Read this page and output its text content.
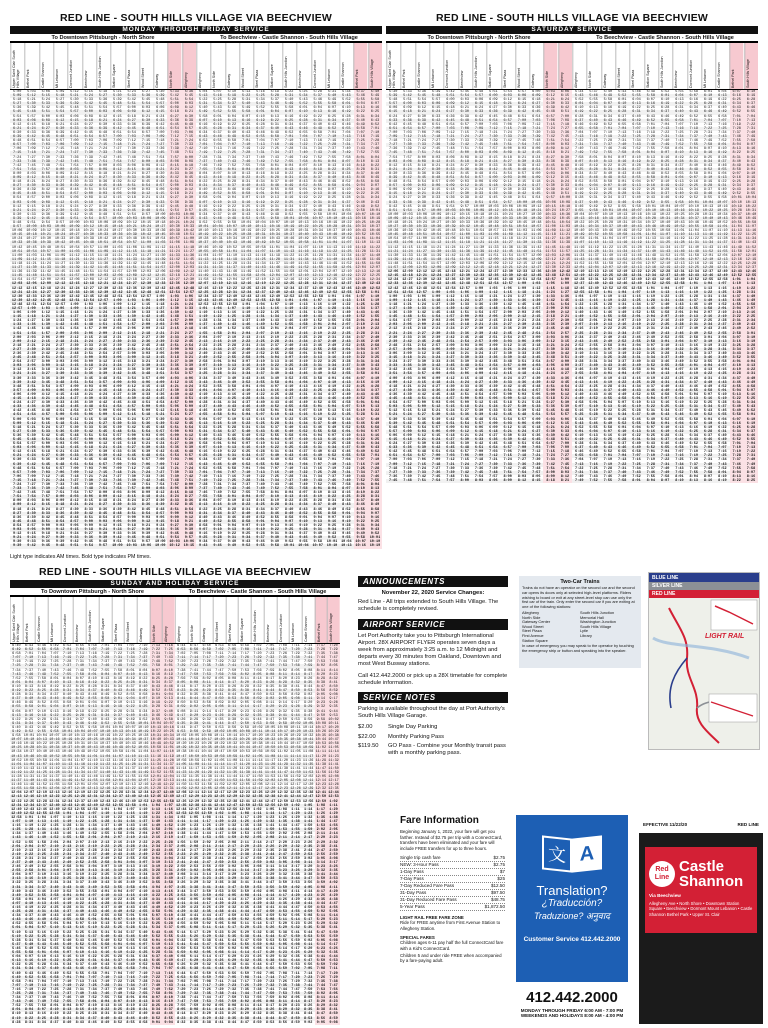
RED LINE - SOUTH HILLS VILLAGE VIA BEECHVIEW
MONDAY THROUGH FRIDAY SERVICE
To Downtown Pittsburgh - North Shore	To Beechview - Castle Shannon - South Hills Village
Upper Saint Clair South Hills Village	Bethel Park	Castle Shannon	Mt Lebanon	Dormont Junction	Beechview	South Hills Junction	Station Square	Steel Plaza	Wood Street	Gateway	North Side	Allegheny	Allegheny	North Side	Gateway	Wood Street	Steel Plaza	Station Square	South Hills Junction	Beechview	Dormont Junction	Mt Lebanon	Castle Shannon	Bethel Park	South Hills Village
5:00	5:03	5:06	5:09	5:12	5:15	5:18	5:21	5:24	5:27	5:30	5:33	5:36	5:04	5:07	5:10	5:13	5:16	5:19	5:22	5:25	5:28	5:31	5:34	5:37	5:40
5:09	5:12	5:15	5:18	5:21	5:24	5:27	5:30	5:33	5:36	5:39	5:42	5:45	5:13	5:16	5:19	5:22	5:25	5:28	5:31	5:34	5:37	5:40	5:43	5:46	5:49
5:18	5:21	5:24	5:27	5:30	5:33	5:36	5:39	5:42	5:45	5:48	5:51	5:54	5:22	5:25	5:28	5:31	5:34	5:37	5:40	5:43	5:46	5:49	5:52	5:55	5:58
5:27	5:30	5:33	5:36	5:39	5:42	5:45	5:48	5:51	5:54	5:57	6:00	6:03	5:31	5:34	5:37	5:40	5:43	5:46	5:49	5:52	5:55	5:58	6:01	6:04	6:07
5:36	5:39	5:42	5:45	5:48	5:51	5:54	5:57	6:00	6:03	6:06	6:09	6:12	5:40	5:43	5:46	5:49	5:52	5:55	5:58	6:01	6:04	6:07	6:10	6:13	6:16
5:45	5:48	5:51	5:54	5:57	6:00	6:03	6:06	6:09	6:12	6:15	6:18	6:21	5:49	5:52	5:55	5:58	6:01	6:04	6:07	6:10	6:13	6:16	6:19	6:22	6:25
5:54	5:57	6:00	6:03	6:06	6:09	6:12	6:15	6:18	6:21	6:24	6:27	6:30	5:58	6:01	6:04	6:07	6:10	6:13	6:16	6:19	6:22	6:25	6:28	6:31	6:34
6:03	6:06	6:09	6:12	6:15	6:18	6:21	6:24	6:27	6:30	6:33	6:36	6:39	6:07	6:10	6:13	6:16	6:19	6:22	6:25	6:28	6:31	6:34	6:37	6:40	6:43
6:12	6:15	6:18	6:21	6:24	6:27	6:30	6:33	6:36	6:39	6:42	6:45	6:48	6:16	6:19	6:22	6:25	6:28	6:31	6:34	6:37	6:40	6:43	6:46	6:49	6:52
6:21	6:24	6:27	6:30	6:33	6:36	6:39	6:42	6:45	6:48	6:51	6:54	6:57	6:25	6:28	6:31	6:34	6:37	6:40	6:43	6:46	6:49	6:52	6:55	6:58	7:01
6:30	6:33	6:36	6:39	6:42	6:45	6:48	6:51	6:54	6:57	7:00	7:03	7:06	6:34	6:37	6:40	6:43	6:46	6:49	6:52	6:55	6:58	7:01	7:04	7:07	7:10
6:39	6:42	6:45	6:48	6:51	6:54	6:57	7:00	7:03	7:06	7:09	7:12	7:15	6:43	6:46	6:49	6:52	6:55	6:58	7:01	7:04	7:07	7:10	7:13	7:16	7:19
6:48	6:51	6:54	6:57	7:00	7:03	7:06	7:09	7:12	7:15	7:18	7:21	7:24	6:52	6:55	6:58	7:01	7:04	7:07	7:10	7:13	7:16	7:19	7:22	7:25	7:28
6:57	7:00	7:03	7:06	7:09	7:12	7:15	7:18	7:21	7:24	7:27	7:30	7:33	7:01	7:04	7:07	7:10	7:13	7:16	7:19	7:22	7:25	7:28	7:31	7:34	7:37
7:06	7:09	7:12	7:15	7:18	7:21	7:24	7:27	7:30	7:33	7:36	7:39	7:42	7:10	7:13	7:16	7:19	7:22	7:25	7:28	7:31	7:34	7:37	7:40	7:43	7:46
7:15	7:18	7:21	7:24	7:27	7:30	7:33	7:36	7:39	7:42	7:45	7:48	7:51	7:19	7:22	7:25	7:28	7:31	7:34	7:37	7:40	7:43	7:46	7:49	7:52	7:55
7:24	7:27	7:30	7:33	7:36	7:39	7:42	7:45	7:48	7:51	7:54	7:57	8:00	7:28	7:31	7:34	7:37	7:40	7:43	7:46	7:49	7:52	7:55	7:58	8:01	8:04
7:33	7:36	7:39	7:42	7:45	7:48	7:51	7:54	7:57	8:00	8:03	8:06	8:09	7:37	7:40	7:43	7:46	7:49	7:52	7:55	7:58	8:01	8:04	8:07	8:10	8:13
7:42	7:45	7:48	7:51	7:54	7:57	8:00	8:03	8:06	8:09	8:12	8:15	8:18	7:46	7:49	7:52	7:55	7:58	8:01	8:04	8:07	8:10	8:13	8:16	8:19	8:22
7:51	7:54	7:57	8:00	8:03	8:06	8:09	8:12	8:15	8:18	8:21	8:24	8:27	7:55	7:58	8:01	8:04	8:07	8:10	8:13	8:16	8:19	8:22	8:25	8:28	8:31
8:00	8:03	8:06	8:09	8:12	8:15	8:18	8:21	8:24	8:27	8:30	8:33	8:36	8:04	8:07	8:10	8:13	8:16	8:19	8:22	8:25	8:28	8:31	8:34	8:37	8:40
8:09	8:12	8:15	8:18	8:21	8:24	8:27	8:30	8:33	8:36	8:39	8:42	8:45	8:13	8:16	8:19	8:22	8:25	8:28	8:31	8:34	8:37	8:40	8:43	8:46	8:49
8:18	8:21	8:24	8:27	8:30	8:33	8:36	8:39	8:42	8:45	8:48	8:51	8:54	8:22	8:25	8:28	8:31	8:34	8:37	8:40	8:43	8:46	8:49	8:52	8:55	8:58
8:27	8:30	8:33	8:36	8:39	8:42	8:45	8:48	8:51	8:54	8:57	9:00	9:03	8:31	8:34	8:37	8:40	8:43	8:46	8:49	8:52	8:55	8:58	9:01	9:04	9:07
8:36	8:39	8:42	8:45	8:48	8:51	8:54	8:57	9:00	9:03	9:06	9:09	9:12	8:40	8:43	8:46	8:49	8:52	8:55	8:58	9:01	9:04	9:07	9:10	9:13	9:16
8:45	8:48	8:51	8:54	8:57	9:00	9:03	9:06	9:09	9:12	9:15	9:18	9:21	8:49	8:52	8:55	8:58	9:01	9:04	9:07	9:10	9:13	9:16	9:19	9:22	9:25
8:54	8:57	9:00	9:03	9:06	9:09	9:12	9:15	9:18	9:21	9:24	9:27	9:30	8:58	9:01	9:04	9:07	9:10	9:13	9:16	9:19	9:22	9:25	9:28	9:31	9:34
9:03	9:06	9:09	9:12	9:15	9:18	9:21	9:24	9:27	9:30	9:33	9:36	9:39	9:07	9:10	9:13	9:16	9:19	9:22	9:25	9:28	9:31	9:34	9:37	9:40	9:43
9:12	9:15	9:18	9:21	9:24	9:27	9:30	9:33	9:36	9:39	9:42	9:45	9:48	9:16	9:19	9:22	9:25	9:28	9:31	9:34	9:37	9:40	9:43	9:46	9:49	9:52
9:21	9:24	9:27	9:30	9:33	9:36	9:39	9:42	9:45	9:48	9:51	9:54	9:57	9:25	9:28	9:31	9:34	9:37	9:40	9:43	9:46	9:49	9:52	9:55	9:58	10:01
9:30	9:33	9:36	9:39	9:42	9:45	9:48	9:51	9:54	9:57	10:00	10:03	10:06	9:34	9:37	9:40	9:43	9:46	9:49	9:52	9:55	9:58	10:01	10:04	10:07	10:10
9:39	9:42	9:45	9:48	9:51	9:54	9:57	10:00	10:03	10:06	10:09	10:12	10:15	9:43	9:46	9:49	9:52	9:55	9:58	10:01	10:04	10:07	10:10	10:13	10:16	10:19
9:48	9:51	9:54	9:57	10:00	10:03	10:06	10:09	10:12	10:15	10:18	10:21	10:24	9:52	9:55	9:58	10:01	10:04	10:07	10:10	10:13	10:16	10:19	10:22	10:25	10:28
9:57	10:00	10:03	10:06	10:09	10:12	10:15	10:18	10:21	10:24	10:27	10:30	10:33	10:01	10:04	10:07	10:10	10:13	10:16	10:19	10:22	10:25	10:28	10:31	10:34	10:37
10:06	10:09	10:12	10:15	10:18	10:21	10:24	10:27	10:30	10:33	10:36	10:39	10:42	10:10	10:13	10:16	10:19	10:22	10:25	10:28	10:31	10:34	10:37	10:40	10:43	10:46
10:15	10:18	10:21	10:24	10:27	10:30	10:33	10:36	10:39	10:42	10:45	10:48	10:51	10:19	10:22	10:25	10:28	10:31	10:34	10:37	10:40	10:43	10:46	10:49	10:52	10:55
10:24	10:27	10:30	10:33	10:36	10:39	10:42	10:45	10:48	10:51	10:54	10:57	11:00	10:28	10:31	10:34	10:37	10:40	10:43	10:46	10:49	10:52	10:55	10:58	11:01	11:04
10:33	10:36	10:39	10:42	10:45	10:48	10:51	10:54	10:57	11:00	11:03	11:06	11:09	10:37	10:40	10:43	10:46	10:49	10:52	10:55	10:58	11:01	11:04	11:07	11:10	11:13
10:42	10:45	10:48	10:51	10:54	10:57	11:00	11:03	11:06	11:09	11:12	11:15	11:18	10:46	10:49	10:52	10:55	10:58	11:01	11:04	11:07	11:10	11:13	11:16	11:19	11:22
10:51	10:54	10:57	11:00	11:03	11:06	11:09	11:12	11:15	11:18	11:21	11:24	11:27	10:55	10:58	11:01	11:04	11:07	11:10	11:13	11:16	11:19	11:22	11:25	11:28	11:31
11:00	11:03	11:06	11:09	11:12	11:15	11:18	11:21	11:24	11:27	11:30	11:33	11:36	11:04	11:07	11:10	11:13	11:16	11:19	11:22	11:25	11:28	11:31	11:34	11:37	11:40
11:09	11:12	11:15	11:18	11:21	11:24	11:27	11:30	11:33	11:36	11:39	11:42	11:45	11:13	11:16	11:19	11:22	11:25	11:28	11:31	11:34	11:37	11:40	11:43	11:46	11:49
11:18	11:21	11:24	11:27	11:30	11:33	11:36	11:39	11:42	11:45	11:48	11:51	11:54	11:22	11:25	11:28	11:31	11:34	11:37	11:40	11:43	11:46	11:49	11:52	11:55	11:58
11:27	11:30	11:33	11:36	11:39	11:42	11:45	11:48	11:51	11:54	11:57	12:00	12:03	11:31	11:34	11:37	11:40	11:43	11:46	11:49	11:52	11:55	11:58	12:01	12:04	12:07
11:36	11:39	11:42	11:45	11:48	11:51	11:54	11:57	12:00	12:03	12:06	12:09	12:12	11:40	11:43	11:46	11:49	11:52	11:55	11:58	12:01	12:04	12:07	12:10	12:13	12:16
11:45	11:48	11:51	11:54	11:57	12:00	12:03	12:06	12:09	12:12	12:15	12:18	12:21	11:49	11:52	11:55	11:58	12:01	12:04	12:07	12:10	12:13	12:16	12:19	12:22	12:25
11:54	11:57	12:00	12:03	12:06	12:09	12:12	12:15	12:18	12:21	12:24	12:27	12:30	11:58	12:01	12:04	12:07	12:10	12:13	12:16	12:19	12:22	12:25	12:28	12:31	12:34
12:03	12:06	12:09	12:12	12:15	12:18	12:21	12:24	12:27	12:30	12:33	12:36	12:39	12:07	12:10	12:13	12:16	12:19	12:22	12:25	12:28	12:31	12:34	12:37	12:40	12:43
12:12	12:15	12:18	12:21	12:24	12:27	12:30	12:33	12:36	12:39	12:42	12:45	12:48	12:16	12:19	12:22	12:25	12:28	12:31	12:34	12:37	12:40	12:43	12:46	12:49	12:52
12:21	12:24	12:27	12:30	12:33	12:36	12:39	12:42	12:45	12:48	12:51	12:54	12:57	12:25	12:28	12:31	12:34	12:37	12:40	12:43	12:46	12:49	12:52	12:55	12:58	1:01
12:30	12:33	12:36	12:39	12:42	12:45	12:48	12:51	12:54	12:57	1:00	1:03	1:06	12:34	12:37	12:40	12:43	12:46	12:49	12:52	12:55	12:58	1:01	1:04	1:07	1:10
12:39	12:42	12:45	12:48	12:51	12:54	12:57	1:00	1:03	1:06	1:09	1:12	1:15	12:43	12:46	12:49	12:52	12:55	12:58	1:01	1:04	1:07	1:10	1:13	1:16	1:19
12:48	12:51	12:54	12:57	1:00	1:03	1:06	1:09	1:12	1:15	1:18	1:21	1:24	12:52	12:55	12:58	1:01	1:04	1:07	1:10	1:13	1:16	1:19	1:22	1:25	1:28
12:57	1:00	1:03	1:06	1:09	1:12	1:15	1:18	1:21	1:24	1:27	1:30	1:33	1:01	1:04	1:07	1:10	1:13	1:16	1:19	1:22	1:25	1:28	1:31	1:34	1:37
1:06	1:09	1:12	1:15	1:18	1:21	1:24	1:27	1:30	1:33	1:36	1:39	1:42	1:10	1:13	1:16	1:19	1:22	1:25	1:28	1:31	1:34	1:37	1:40	1:43	1:46
1:15	1:18	1:21	1:24	1:27	1:30	1:33	1:36	1:39	1:42	1:45	1:48	1:51	1:19	1:22	1:25	1:28	1:31	1:34	1:37	1:40	1:43	1:46	1:49	1:52	1:55
1:24	1:27	1:30	1:33	1:36	1:39	1:42	1:45	1:48	1:51	1:54	1:57	2:00	1:28	1:31	1:34	1:37	1:40	1:43	1:46	1:49	1:52	1:55	1:58	2:01	2:04
1:33	1:36	1:39	1:42	1:45	1:48	1:51	1:54	1:57	2:00	2:03	2:06	2:09	1:37	1:40	1:43	1:46	1:49	1:52	1:55	1:58	2:01	2:04	2:07	2:10	2:13
1:42	1:45	1:48	1:51	1:54	1:57	2:00	2:03	2:06	2:09	2:12	2:15	2:18	1:46	1:49	1:52	1:55	1:58	2:01	2:04	2:07	2:10	2:13	2:16	2:19	2:22
1:51	1:54	1:57	2:00	2:03	2:06	2:09	2:12	2:15	2:18	2:21	2:24	2:27	1:55	1:58	2:01	2:04	2:07	2:10	2:13	2:16	2:19	2:22	2:25	2:28	2:31
2:00	2:03	2:06	2:09	2:12	2:15	2:18	2:21	2:24	2:27	2:30	2:33	2:36	2:04	2:07	2:10	2:13	2:16	2:19	2:22	2:25	2:28	2:31	2:34	2:37	2:40
2:09	2:12	2:15	2:18	2:21	2:24	2:27	2:30	2:33	2:36	2:39	2:42	2:45	2:13	2:16	2:19	2:22	2:25	2:28	2:31	2:34	2:37	2:40	2:43	2:46	2:49
2:18	2:21	2:24	2:27	2:30	2:33	2:36	2:39	2:42	2:45	2:48	2:51	2:54	2:22	2:25	2:28	2:31	2:34	2:37	2:40	2:43	2:46	2:49	2:52	2:55	2:58
2:27	2:30	2:33	2:36	2:39	2:42	2:45	2:48	2:51	2:54	2:57	3:00	3:03	2:31	2:34	2:37	2:40	2:43	2:46	2:49	2:52	2:55	2:58	3:01	3:04	3:07
2:36	2:39	2:42	2:45	2:48	2:51	2:54	2:57	3:00	3:03	3:06	3:09	3:12	2:40	2:43	2:46	2:49	2:52	2:55	2:58	3:01	3:04	3:07	3:10	3:13	3:16
2:45	2:48	2:51	2:54	2:57	3:00	3:03	3:06	3:09	3:12	3:15	3:18	3:21	2:49	2:52	2:55	2:58	3:01	3:04	3:07	3:10	3:13	3:16	3:19	3:22	3:25
2:54	2:57	3:00	3:03	3:06	3:09	3:12	3:15	3:18	3:21	3:24	3:27	3:30	2:58	3:01	3:04	3:07	3:10	3:13	3:16	3:19	3:22	3:25	3:28	3:31	3:34
3:03	3:06	3:09	3:12	3:15	3:18	3:21	3:24	3:27	3:30	3:33	3:36	3:39	3:07	3:10	3:13	3:16	3:19	3:22	3:25	3:28	3:31	3:34	3:37	3:40	3:43
3:12	3:15	3:18	3:21	3:24	3:27	3:30	3:33	3:36	3:39	3:42	3:45	3:48	3:16	3:19	3:22	3:25	3:28	3:31	3:34	3:37	3:40	3:43	3:46	3:49	3:52
3:21	3:24	3:27	3:30	3:33	3:36	3:39	3:42	3:45	3:48	3:51	3:54	3:57	3:25	3:28	3:31	3:34	3:37	3:40	3:43	3:46	3:49	3:52	3:55	3:58	4:01
3:30	3:33	3:36	3:39	3:42	3:45	3:48	3:51	3:54	3:57	4:00	4:03	4:06	3:34	3:37	3:40	3:43	3:46	3:49	3:52	3:55	3:58	4:01	4:04	4:07	4:10
3:39	3:42	3:45	3:48	3:51	3:54	3:57	4:00	4:03	4:06	4:09	4:12	4:15	3:43	3:46	3:49	3:52	3:55	3:58	4:01	4:04	4:07	4:10	4:13	4:16	4:19
3:48	3:51	3:54	3:57	4:00	4:03	4:06	4:09	4:12	4:15	4:18	4:21	4:24	3:52	3:55	3:58	4:01	4:04	4:07	4:10	4:13	4:16	4:19	4:22	4:25	4:28
3:57	4:00	4:03	4:06	4:09	4:12	4:15	4:18	4:21	4:24	4:27	4:30	4:33	4:01	4:04	4:07	4:10	4:13	4:16	4:19	4:22	4:25	4:28	4:31	4:34	4:37
4:06	4:09	4:12	4:15	4:18	4:21	4:24	4:27	4:30	4:33	4:36	4:39	4:42	4:10	4:13	4:16	4:19	4:22	4:25	4:28	4:31	4:34	4:37	4:40	4:43	4:46
4:15	4:18	4:21	4:24	4:27	4:30	4:33	4:36	4:39	4:42	4:45	4:48	4:51	4:19	4:22	4:25	4:28	4:31	4:34	4:37	4:40	4:43	4:46	4:49	4:52	4:55
4:24	4:27	4:30	4:33	4:36	4:39	4:42	4:45	4:48	4:51	4:54	4:57	5:00	4:28	4:31	4:34	4:37	4:40	4:43	4:46	4:49	4:52	4:55	4:58	5:01	5:04
4:33	4:36	4:39	4:42	4:45	4:48	4:51	4:54	4:57	5:00	5:03	5:06	5:09	4:37	4:40	4:43	4:46	4:49	4:52	4:55	4:58	5:01	5:04	5:07	5:10	5:13
4:42	4:45	4:48	4:51	4:54	4:57	5:00	5:03	5:06	5:09	5:12	5:15	5:18	4:46	4:49	4:52	4:55	4:58	5:01	5:04	5:07	5:10	5:13	5:16	5:19	5:22
4:51	4:54	4:57	5:00	5:03	5:06	5:09	5:12	5:15	5:18	5:21	5:24	5:27	4:55	4:58	5:01	5:04	5:07	5:10	5:13	5:16	5:19	5:22	5:25	5:28	5:31
5:00	5:03	5:06	5:09	5:12	5:15	5:18	5:21	5:24	5:27	5:30	5:33	5:36	5:04	5:07	5:10	5:13	5:16	5:19	5:22	5:25	5:28	5:31	5:34	5:37	5:40
5:09	5:12	5:15	5:18	5:21	5:24	5:27	5:30	5:33	5:36	5:39	5:42	5:45	5:13	5:16	5:19	5:22	5:25	5:28	5:31	5:34	5:37	5:40	5:43	5:46	5:49
5:18	5:21	5:24	5:27	5:30	5:33	5:36	5:39	5:42	5:45	5:48	5:51	5:54	5:22	5:25	5:28	5:31	5:34	5:37	5:40	5:43	5:46	5:49	5:52	5:55	5:58
5:27	5:30	5:33	5:36	5:39	5:42	5:45	5:48	5:51	5:54	5:57	6:00	6:03	5:31	5:34	5:37	5:40	5:43	5:46	5:49	5:52	5:55	5:58	6:01	6:04	6:07
5:36	5:39	5:42	5:45	5:48	5:51	5:54	5:57	6:00	6:03	6:06	6:09	6:12	5:40	5:43	5:46	5:49	5:52	5:55	5:58	6:01	6:04	6:07	6:10	6:13	6:16
5:45	5:48	5:51	5:54	5:57	6:00	6:03	6:06	6:09	6:12	6:15	6:18	6:21	5:49	5:52	5:55	5:58	6:01	6:04	6:07	6:10	6:13	6:16	6:19	6:22	6:25
5:54	5:57	6:00	6:03	6:06	6:09	6:12	6:15	6:18	6:21	6:24	6:27	6:30	5:58	6:01	6:04	6:07	6:10	6:13	6:16	6:19	6:22	6:25	6:28	6:31	6:34
6:03	6:06	6:09	6:12	6:15	6:18	6:21	6:24	6:27	6:30	6:33	6:36	6:39	6:07	6:10	6:13	6:16	6:19	6:22	6:25	6:28	6:31	6:34	6:37	6:40	6:43
6:12	6:15	6:18	6:21	6:24	6:27	6:30	6:33	6:36	6:39	6:42	6:45	6:48	6:16	6:19	6:22	6:25	6:28	6:31	6:34	6:37	6:40	6:43	6:46	6:49	6:52
6:21	6:24	6:27	6:30	6:33	6:36	6:39	6:42	6:45	6:48	6:51	6:54	6:57	6:25	6:28	6:31	6:34	6:37	6:40	6:43	6:46	6:49	6:52	6:55	6:58	7:01
6:30	6:33	6:36	6:39	6:42	6:45	6:48	6:51	6:54	6:57	7:00	7:03	7:06	6:34	6:37	6:40	6:43	6:46	6:49	6:52	6:55	6:58	7:01	7:04	7:07	7:10
6:39	6:42	6:45	6:48	6:51	6:54	6:57	7:00	7:03	7:06	7:09	7:12	7:15	6:43	6:46	6:49	6:52	6:55	6:58	7:01	7:04	7:07	7:10	7:13	7:16	7:19
6:48	6:51	6:54	6:57	7:00	7:03	7:06	7:09	7:12	7:15	7:18	7:21	7:24	6:52	6:55	6:58	7:01	7:04	7:07	7:10	7:13	7:16	7:19	7:22	7:25	7:28
6:57	7:00	7:03	7:06	7:09	7:12	7:15	7:18	7:21	7:24	7:27	7:30	7:33	7:01	7:04	7:07	7:10	7:13	7:16	7:19	7:22	7:25	7:28	7:31	7:34	7:37
7:06	7:09	7:12	7:15	7:18	7:21	7:24	7:27	7:30	7:33	7:36	7:39	7:42	7:10	7:13	7:16	7:19	7:22	7:25	7:28	7:31	7:34	7:37	7:40	7:43	7:46
7:15	7:18	7:21	7:24	7:27	7:30	7:33	7:36	7:39	7:42	7:45	7:48	7:51	7:19	7:22	7:25	7:28	7:31	7:34	7:37	7:40	7:43	7:46	7:49	7:52	7:55
7:24	7:27	7:30	7:33	7:36	7:39	7:42	7:45	7:48	7:51	7:54	7:57	8:00	7:28	7:31	7:34	7:37	7:40	7:43	7:46	7:49	7:52	7:55	7:58	8:01	8:04
7:33	7:36	7:39	7:42	7:45	7:48	7:51	7:54	7:57	8:00	8:03	8:06	8:09	7:37	7:40	7:43	7:46	7:49	7:52	7:55	7:58	8:01	8:04	8:07	8:10	8:13
7:42	7:45	7:48	7:51	7:54	7:57	8:00	8:03	8:06	8:09	8:12	8:15	8:18	7:46	7:49	7:52	7:55	7:58	8:01	8:04	8:07	8:10	8:13	8:16	8:19	8:22
7:51	7:54	7:57	8:00	8:03	8:06	8:09	8:12	8:15	8:18	8:21	8:24	8:27	7:55	7:58	8:01	8:04	8:07	8:10	8:13	8:16	8:19	8:22	8:25	8:28	8:31
8:00	8:03	8:06	8:09	8:12	8:15	8:18	8:21	8:24	8:27	8:30	8:33	8:36	8:04	8:07	8:10	8:13	8:16	8:19	8:22	8:25	8:28	8:31	8:34	8:37	8:40
8:09	8:12	8:15	8:18	8:21	8:24	8:27	8:30	8:33	8:36	8:39	8:42	8:45	8:13	8:16	8:19	8:22	8:25	8:28	8:31	8:34	8:37	8:40	8:43	8:46	8:49
8:18	8:21	8:24	8:27	8:30	8:33	8:36	8:39	8:42	8:45	8:48	8:51	8:54	8:22	8:25	8:28	8:31	8:34	8:37	8:40	8:43	8:46	8:49	8:52	8:55	8:58
8:27	8:30	8:33	8:36	8:39	8:42	8:45	8:48	8:51	8:54	8:57	9:00	9:03	8:31	8:34	8:37	8:40	8:43	8:46	8:49	8:52	8:55	8:58	9:01	9:04	9:07
8:36	8:39	8:42	8:45	8:48	8:51	8:54	8:57	9:00	9:03	9:06	9:09	9:12	8:40	8:43	8:46	8:49	8:52	8:55	8:58	9:01	9:04	9:07	9:10	9:13	9:16
8:45	8:48	8:51	8:54	8:57	9:00	9:03	9:06	9:09	9:12	9:15	9:18	9:21	8:49	8:52	8:55	8:58	9:01	9:04	9:07	9:10	9:13	9:16	9:19	9:22	9:25
8:54	8:57	9:00	9:03	9:06	9:09	9:12	9:15	9:18	9:21	9:24	9:27	9:30	8:58	9:01	9:04	9:07	9:10	9:13	9:16	9:19	9:22	9:25	9:28	9:31	9:34
9:03	9:06	9:09	9:12	9:15	9:18	9:21	9:24	9:27	9:30	9:33	9:36	9:39	9:07	9:10	9:13	9:16	9:19	9:22	9:25	9:28	9:31	9:34	9:37	9:40	9:43
9:12	9:15	9:18	9:21	9:24	9:27	9:30	9:33	9:36	9:39	9:42	9:45	9:48	9:16	9:19	9:22	9:25	9:28	9:31	9:34	9:37	9:40	9:43	9:46	9:49	9:52
9:21	9:24	9:27	9:30	9:33	9:36	9:39	9:42	9:45	9:48	9:51	9:54	9:57	9:25	9:28	9:31	9:34	9:37	9:40	9:43	9:46	9:49	9:52	9:55	9:58	10:01
9:30	9:33	9:36	9:39	9:42	9:45	9:48	9:51	9:54	9:57	10:00	10:03	10:06	9:34	9:37	9:40	9:43	9:46	9:49	9:52	9:55	9:58	10:01	10:04	10:07	10:10
9:39	9:42	9:45	9:48	9:51	9:54	9:57	10:00	10:03	10:06	10:09	10:12	10:15	9:43	9:46	9:49	9:52	9:55	9:58	10:01	10:04	10:07	10:10	10:13	10:16	10:19
Light type indicates AM times. Bold type indicates PM times.
RED LINE - SOUTH HILLS VILLAGE VIA BEECHVIEW
SATURDAY SERVICE
To Downtown Pittsburgh - North Shore	To Beechview - Castle Shannon - South Hills Village
Upper Saint Clair South Hills Village	Bethel Park	Castle Shannon	Mt Lebanon	Dormont Junction	Beechview	South Hills Junction	Station Square	Steel Plaza	Wood Street	Gateway	North Side	Allegheny	Allegheny	North Side	Gateway	Wood Street	Steel Plaza	Station Square	South Hills Junction	Beechview	Dormont Junction	Mt Lebanon	Castle Shannon	Bethel Park	South Hills Village
5:30	5:33	5:36	5:39	5:42	5:45	5:48	5:51	5:54	5:57	6:00	6:03	6:06	5:34	5:37	5:40	5:43	5:46	5:49	5:52	5:55	5:58	6:01	6:04	6:07	6:10
5:39	5:42	5:45	5:48	5:51	5:54	5:57	6:00	6:03	6:06	6:09	6:12	6:15	5:43	5:46	5:49	5:52	5:55	5:58	6:01	6:04	6:07	6:10	6:13	6:16	6:19
5:48	5:51	5:54	5:57	6:00	6:03	6:06	6:09	6:12	6:15	6:18	6:21	6:24	5:52	5:55	5:58	6:01	6:04	6:07	6:10	6:13	6:16	6:19	6:22	6:25	6:28
5:57	6:00	6:03	6:06	6:09	6:12	6:15	6:18	6:21	6:24	6:27	6:30	6:33	6:01	6:04	6:07	6:10	6:13	6:16	6:19	6:22	6:25	6:28	6:31	6:34	6:37
6:06	6:09	6:12	6:15	6:18	6:21	6:24	6:27	6:30	6:33	6:36	6:39	6:42	6:10	6:13	6:16	6:19	6:22	6:25	6:28	6:31	6:34	6:37	6:40	6:43	6:46
6:15	6:18	6:21	6:24	6:27	6:30	6:33	6:36	6:39	6:42	6:45	6:48	6:51	6:19	6:22	6:25	6:28	6:31	6:34	6:37	6:40	6:43	6:46	6:49	6:52	6:55
6:24	6:27	6:30	6:33	6:36	6:39	6:42	6:45	6:48	6:51	6:54	6:57	7:00	6:28	6:31	6:34	6:37	6:40	6:43	6:46	6:49	6:52	6:55	6:58	7:01	7:04
6:33	6:36	6:39	6:42	6:45	6:48	6:51	6:54	6:57	7:00	7:03	7:06	7:09	6:37	6:40	6:43	6:46	6:49	6:52	6:55	6:58	7:01	7:04	7:07	7:10	7:13
6:42	6:45	6:48	6:51	6:54	6:57	7:00	7:03	7:06	7:09	7:12	7:15	7:18	6:46	6:49	6:52	6:55	6:58	7:01	7:04	7:07	7:10	7:13	7:16	7:19	7:22
6:51	6:54	6:57	7:00	7:03	7:06	7:09	7:12	7:15	7:18	7:21	7:24	7:27	6:55	6:58	7:01	7:04	7:07	7:10	7:13	7:16	7:19	7:22	7:25	7:28	7:31
7:00	7:03	7:06	7:09	7:12	7:15	7:18	7:21	7:24	7:27	7:30	7:33	7:36	7:04	7:07	7:10	7:13	7:16	7:19	7:22	7:25	7:28	7:31	7:34	7:37	7:40
7:09	7:12	7:15	7:18	7:21	7:24	7:27	7:30	7:33	7:36	7:39	7:42	7:45	7:13	7:16	7:19	7:22	7:25	7:28	7:31	7:34	7:37	7:40	7:43	7:46	7:49
7:18	7:21	7:24	7:27	7:30	7:33	7:36	7:39	7:42	7:45	7:48	7:51	7:54	7:22	7:25	7:28	7:31	7:34	7:37	7:40	7:43	7:46	7:49	7:52	7:55	7:58
7:27	7:30	7:33	7:36	7:39	7:42	7:45	7:48	7:51	7:54	7:57	8:00	8:03	7:31	7:34	7:37	7:40	7:43	7:46	7:49	7:52	7:55	7:58	8:01	8:04	8:07
7:36	7:39	7:42	7:45	7:48	7:51	7:54	7:57	8:00	8:03	8:06	8:09	8:12	7:40	7:43	7:46	7:49	7:52	7:55	7:58	8:01	8:04	8:07	8:10	8:13	8:16
7:45	7:48	7:51	7:54	7:57	8:00	8:03	8:06	8:09	8:12	8:15	8:18	8:21	7:49	7:52	7:55	7:58	8:01	8:04	8:07	8:10	8:13	8:16	8:19	8:22	8:25
7:54	7:57	8:00	8:03	8:06	8:09	8:12	8:15	8:18	8:21	8:24	8:27	8:30	7:58	8:01	8:04	8:07	8:10	8:13	8:16	8:19	8:22	8:25	8:28	8:31	8:34
8:03	8:06	8:09	8:12	8:15	8:18	8:21	8:24	8:27	8:30	8:33	8:36	8:39	8:07	8:10	8:13	8:16	8:19	8:22	8:25	8:28	8:31	8:34	8:37	8:40	8:43
8:12	8:15	8:18	8:21	8:24	8:27	8:30	8:33	8:36	8:39	8:42	8:45	8:48	8:16	8:19	8:22	8:25	8:28	8:31	8:34	8:37	8:40	8:43	8:46	8:49	8:52
8:21	8:24	8:27	8:30	8:33	8:36	8:39	8:42	8:45	8:48	8:51	8:54	8:57	8:25	8:28	8:31	8:34	8:37	8:40	8:43	8:46	8:49	8:52	8:55	8:58	9:01
8:30	8:33	8:36	8:39	8:42	8:45	8:48	8:51	8:54	8:57	9:00	9:03	9:06	8:34	8:37	8:40	8:43	8:46	8:49	8:52	8:55	8:58	9:01	9:04	9:07	9:10
8:39	8:42	8:45	8:48	8:51	8:54	8:57	9:00	9:03	9:06	9:09	9:12	9:15	8:43	8:46	8:49	8:52	8:55	8:58	9:01	9:04	9:07	9:10	9:13	9:16	9:19
8:48	8:51	8:54	8:57	9:00	9:03	9:06	9:09	9:12	9:15	9:18	9:21	9:24	8:52	8:55	8:58	9:01	9:04	9:07	9:10	9:13	9:16	9:19	9:22	9:25	9:28
8:57	9:00	9:03	9:06	9:09	9:12	9:15	9:18	9:21	9:24	9:27	9:30	9:33	9:01	9:04	9:07	9:10	9:13	9:16	9:19	9:22	9:25	9:28	9:31	9:34	9:37
9:06	9:09	9:12	9:15	9:18	9:21	9:24	9:27	9:30	9:33	9:36	9:39	9:42	9:10	9:13	9:16	9:19	9:22	9:25	9:28	9:31	9:34	9:37	9:40	9:43	9:46
9:15	9:18	9:21	9:24	9:27	9:30	9:33	9:36	9:39	9:42	9:45	9:48	9:51	9:19	9:22	9:25	9:28	9:31	9:34	9:37	9:40	9:43	9:46	9:49	9:52	9:55
9:24	9:27	9:30	9:33	9:36	9:39	9:42	9:45	9:48	9:51	9:54	9:57	10:00	9:28	9:31	9:34	9:37	9:40	9:43	9:46	9:49	9:52	9:55	9:58	10:01	10:04
9:33	9:36	9:39	9:42	9:45	9:48	9:51	9:54	9:57	10:00	10:03	10:06	10:09	9:37	9:40	9:43	9:46	9:49	9:52	9:55	9:58	10:01	10:04	10:07	10:10	10:13
9:42	9:45	9:48	9:51	9:54	9:57	10:00	10:03	10:06	10:09	10:12	10:15	10:18	9:46	9:49	9:52	9:55	9:58	10:01	10:04	10:07	10:10	10:13	10:16	10:19	10:22
9:51	9:54	9:57	10:00	10:03	10:06	10:09	10:12	10:15	10:18	10:21	10:24	10:27	9:55	9:58	10:01	10:04	10:07	10:10	10:13	10:16	10:19	10:22	10:25	10:28	10:31
10:00	10:03	10:06	10:09	10:12	10:15	10:18	10:21	10:24	10:27	10:30	10:33	10:36	10:04	10:07	10:10	10:13	10:16	10:19	10:22	10:25	10:28	10:31	10:34	10:37	10:40
10:09	10:12	10:15	10:18	10:21	10:24	10:27	10:30	10:33	10:36	10:39	10:42	10:45	10:13	10:16	10:19	10:22	10:25	10:28	10:31	10:34	10:37	10:40	10:43	10:46	10:49
10:18	10:21	10:24	10:27	10:30	10:33	10:36	10:39	10:42	10:45	10:48	10:51	10:54	10:22	10:25	10:28	10:31	10:34	10:37	10:40	10:43	10:46	10:49	10:52	10:55	10:58
10:27	10:30	10:33	10:36	10:39	10:42	10:45	10:48	10:51	10:54	10:57	11:00	11:03	10:31	10:34	10:37	10:40	10:43	10:46	10:49	10:52	10:55	10:58	11:01	11:04	11:07
10:36	10:39	10:42	10:45	10:48	10:51	10:54	10:57	11:00	11:03	11:06	11:09	11:12	10:40	10:43	10:46	10:49	10:52	10:55	10:58	11:01	11:04	11:07	11:10	11:13	11:16
10:45	10:48	10:51	10:54	10:57	11:00	11:03	11:06	11:09	11:12	11:15	11:18	11:21	10:49	10:52	10:55	10:58	11:01	11:04	11:07	11:10	11:13	11:16	11:19	11:22	11:25
10:54	10:57	11:00	11:03	11:06	11:09	11:12	11:15	11:18	11:21	11:24	11:27	11:30	10:58	11:01	11:04	11:07	11:10	11:13	11:16	11:19	11:22	11:25	11:28	11:31	11:34
11:03	11:06	11:09	11:12	11:15	11:18	11:21	11:24	11:27	11:30	11:33	11:36	11:39	11:07	11:10	11:13	11:16	11:19	11:22	11:25	11:28	11:31	11:34	11:37	11:40	11:43
11:12	11:15	11:18	11:21	11:24	11:27	11:30	11:33	11:36	11:39	11:42	11:45	11:48	11:16	11:19	11:22	11:25	11:28	11:31	11:34	11:37	11:40	11:43	11:46	11:49	11:52
11:21	11:24	11:27	11:30	11:33	11:36	11:39	11:42	11:45	11:48	11:51	11:54	11:57	11:25	11:28	11:31	11:34	11:37	11:40	11:43	11:46	11:49	11:52	11:55	11:58	12:01
11:30	11:33	11:36	11:39	11:42	11:45	11:48	11:51	11:54	11:57	12:00	12:03	12:06	11:34	11:37	11:40	11:43	11:46	11:49	11:52	11:55	11:58	12:01	12:04	12:07	12:10
11:39	11:42	11:45	11:48	11:51	11:54	11:57	12:00	12:03	12:06	12:09	12:12	12:15	11:43	11:46	11:49	11:52	11:55	11:58	12:01	12:04	12:07	12:10	12:13	12:16	12:19
11:48	11:51	11:54	11:57	12:00	12:03	12:06	12:09	12:12	12:15	12:18	12:21	12:24	11:52	11:55	11:58	12:01	12:04	12:07	12:10	12:13	12:16	12:19	12:22	12:25	12:28
11:57	12:00	12:03	12:06	12:09	12:12	12:15	12:18	12:21	12:24	12:27	12:30	12:33	12:01	12:04	12:07	12:10	12:13	12:16	12:19	12:22	12:25	12:28	12:31	12:34	12:37
12:06	12:09	12:12	12:15	12:18	12:21	12:24	12:27	12:30	12:33	12:36	12:39	12:42	12:10	12:13	12:16	12:19	12:22	12:25	12:28	12:31	12:34	12:37	12:40	12:43	12:46
12:15	12:18	12:21	12:24	12:27	12:30	12:33	12:36	12:39	12:42	12:45	12:48	12:51	12:19	12:22	12:25	12:28	12:31	12:34	12:37	12:40	12:43	12:46	12:49	12:52	12:55
12:24	12:27	12:30	12:33	12:36	12:39	12:42	12:45	12:48	12:51	12:54	12:57	1:00	12:28	12:31	12:34	12:37	12:40	12:43	12:46	12:49	12:52	12:55	12:58	1:01	1:04
12:33	12:36	12:39	12:42	12:45	12:48	12:51	12:54	12:57	1:00	1:03	1:06	1:09	12:37	12:40	12:43	12:46	12:49	12:52	12:55	12:58	1:01	1:04	1:07	1:10	1:13
12:42	12:45	12:48	12:51	12:54	12:57	1:00	1:03	1:06	1:09	1:12	1:15	1:18	12:46	12:49	12:52	12:55	12:58	1:01	1:04	1:07	1:10	1:13	1:16	1:19	1:22
12:51	12:54	12:57	1:00	1:03	1:06	1:09	1:12	1:15	1:18	1:21	1:24	1:27	12:55	12:58	1:01	1:04	1:07	1:10	1:13	1:16	1:19	1:22	1:25	1:28	1:31
1:00	1:03	1:06	1:09	1:12	1:15	1:18	1:21	1:24	1:27	1:30	1:33	1:36	1:04	1:07	1:10	1:13	1:16	1:19	1:22	1:25	1:28	1:31	1:34	1:37	1:40
1:09	1:12	1:15	1:18	1:21	1:24	1:27	1:30	1:33	1:36	1:39	1:42	1:45	1:13	1:16	1:19	1:22	1:25	1:28	1:31	1:34	1:37	1:40	1:43	1:46	1:49
1:18	1:21	1:24	1:27	1:30	1:33	1:36	1:39	1:42	1:45	1:48	1:51	1:54	1:22	1:25	1:28	1:31	1:34	1:37	1:40	1:43	1:46	1:49	1:52	1:55	1:58
1:27	1:30	1:33	1:36	1:39	1:42	1:45	1:48	1:51	1:54	1:57	2:00	2:03	1:31	1:34	1:37	1:40	1:43	1:46	1:49	1:52	1:55	1:58	2:01	2:04	2:07
1:36	1:39	1:42	1:45	1:48	1:51	1:54	1:57	2:00	2:03	2:06	2:09	2:12	1:40	1:43	1:46	1:49	1:52	1:55	1:58	2:01	2:04	2:07	2:10	2:13	2:16
1:45	1:48	1:51	1:54	1:57	2:00	2:03	2:06	2:09	2:12	2:15	2:18	2:21	1:49	1:52	1:55	1:58	2:01	2:04	2:07	2:10	2:13	2:16	2:19	2:22	2:25
1:54	1:57	2:00	2:03	2:06	2:09	2:12	2:15	2:18	2:21	2:24	2:27	2:30	1:58	2:01	2:04	2:07	2:10	2:13	2:16	2:19	2:22	2:25	2:28	2:31	2:34
2:03	2:06	2:09	2:12	2:15	2:18	2:21	2:24	2:27	2:30	2:33	2:36	2:39	2:07	2:10	2:13	2:16	2:19	2:22	2:25	2:28	2:31	2:34	2:37	2:40	2:43
2:12	2:15	2:18	2:21	2:24	2:27	2:30	2:33	2:36	2:39	2:42	2:45	2:48	2:16	2:19	2:22	2:25	2:28	2:31	2:34	2:37	2:40	2:43	2:46	2:49	2:52
2:21	2:24	2:27	2:30	2:33	2:36	2:39	2:42	2:45	2:48	2:51	2:54	2:57	2:25	2:28	2:31	2:34	2:37	2:40	2:43	2:46	2:49	2:52	2:55	2:58	3:01
2:30	2:33	2:36	2:39	2:42	2:45	2:48	2:51	2:54	2:57	3:00	3:03	3:06	2:34	2:37	2:40	2:43	2:46	2:49	2:52	2:55	2:58	3:01	3:04	3:07	3:10
2:39	2:42	2:45	2:48	2:51	2:54	2:57	3:00	3:03	3:06	3:09	3:12	3:15	2:43	2:46	2:49	2:52	2:55	2:58	3:01	3:04	3:07	3:10	3:13	3:16	3:19
2:48	2:51	2:54	2:57	3:00	3:03	3:06	3:09	3:12	3:15	3:18	3:21	3:24	2:52	2:55	2:58	3:01	3:04	3:07	3:10	3:13	3:16	3:19	3:22	3:25	3:28
2:57	3:00	3:03	3:06	3:09	3:12	3:15	3:18	3:21	3:24	3:27	3:30	3:33	3:01	3:04	3:07	3:10	3:13	3:16	3:19	3:22	3:25	3:28	3:31	3:34	3:37
3:06	3:09	3:12	3:15	3:18	3:21	3:24	3:27	3:30	3:33	3:36	3:39	3:42	3:10	3:13	3:16	3:19	3:22	3:25	3:28	3:31	3:34	3:37	3:40	3:43	3:46
3:15	3:18	3:21	3:24	3:27	3:30	3:33	3:36	3:39	3:42	3:45	3:48	3:51	3:19	3:22	3:25	3:28	3:31	3:34	3:37	3:40	3:43	3:46	3:49	3:52	3:55
3:24	3:27	3:30	3:33	3:36	3:39	3:42	3:45	3:48	3:51	3:54	3:57	4:00	3:28	3:31	3:34	3:37	3:40	3:43	3:46	3:49	3:52	3:55	3:58	4:01	4:04
3:33	3:36	3:39	3:42	3:45	3:48	3:51	3:54	3:57	4:00	4:03	4:06	4:09	3:37	3:40	3:43	3:46	3:49	3:52	3:55	3:58	4:01	4:04	4:07	4:10	4:13
3:42	3:45	3:48	3:51	3:54	3:57	4:00	4:03	4:06	4:09	4:12	4:15	4:18	3:46	3:49	3:52	3:55	3:58	4:01	4:04	4:07	4:10	4:13	4:16	4:19	4:22
3:51	3:54	3:57	4:00	4:03	4:06	4:09	4:12	4:15	4:18	4:21	4:24	4:27	3:55	3:58	4:01	4:04	4:07	4:10	4:13	4:16	4:19	4:22	4:25	4:28	4:31
4:00	4:03	4:06	4:09	4:12	4:15	4:18	4:21	4:24	4:27	4:30	4:33	4:36	4:04	4:07	4:10	4:13	4:16	4:19	4:22	4:25	4:28	4:31	4:34	4:37	4:40
4:09	4:12	4:15	4:18	4:21	4:24	4:27	4:30	4:33	4:36	4:39	4:42	4:45	4:13	4:16	4:19	4:22	4:25	4:28	4:31	4:34	4:37	4:40	4:43	4:46	4:49
4:18	4:21	4:24	4:27	4:30	4:33	4:36	4:39	4:42	4:45	4:48	4:51	4:54	4:22	4:25	4:28	4:31	4:34	4:37	4:40	4:43	4:46	4:49	4:52	4:55	4:58
4:27	4:30	4:33	4:36	4:39	4:42	4:45	4:48	4:51	4:54	4:57	5:00	5:03	4:31	4:34	4:37	4:40	4:43	4:46	4:49	4:52	4:55	4:58	5:01	5:04	5:07
4:36	4:39	4:42	4:45	4:48	4:51	4:54	4:57	5:00	5:03	5:06	5:09	5:12	4:40	4:43	4:46	4:49	4:52	4:55	4:58	5:01	5:04	5:07	5:10	5:13	5:16
4:45	4:48	4:51	4:54	4:57	5:00	5:03	5:06	5:09	5:12	5:15	5:18	5:21	4:49	4:52	4:55	4:58	5:01	5:04	5:07	5:10	5:13	5:16	5:19	5:22	5:25
4:54	4:57	5:00	5:03	5:06	5:09	5:12	5:15	5:18	5:21	5:24	5:27	5:30	4:58	5:01	5:04	5:07	5:10	5:13	5:16	5:19	5:22	5:25	5:28	5:31	5:34
5:03	5:06	5:09	5:12	5:15	5:18	5:21	5:24	5:27	5:30	5:33	5:36	5:39	5:07	5:10	5:13	5:16	5:19	5:22	5:25	5:28	5:31	5:34	5:37	5:40	5:43
5:12	5:15	5:18	5:21	5:24	5:27	5:30	5:33	5:36	5:39	5:42	5:45	5:48	5:16	5:19	5:22	5:25	5:28	5:31	5:34	5:37	5:40	5:43	5:46	5:49	5:52
5:21	5:24	5:27	5:30	5:33	5:36	5:39	5:42	5:45	5:48	5:51	5:54	5:57	5:25	5:28	5:31	5:34	5:37	5:40	5:43	5:46	5:49	5:52	5:55	5:58	6:01
5:30	5:33	5:36	5:39	5:42	5:45	5:48	5:51	5:54	5:57	6:00	6:03	6:06	5:34	5:37	5:40	5:43	5:46	5:49	5:52	5:55	5:58	6:01	6:04	6:07	6:10
5:39	5:42	5:45	5:48	5:51	5:54	5:57	6:00	6:03	6:06	6:09	6:12	6:15	5:43	5:46	5:49	5:52	5:55	5:58	6:01	6:04	6:07	6:10	6:13	6:16	6:19
5:48	5:51	5:54	5:57	6:00	6:03	6:06	6:09	6:12	6:15	6:18	6:21	6:24	5:52	5:55	5:58	6:01	6:04	6:07	6:10	6:13	6:16	6:19	6:22	6:25	6:28
5:57	6:00	6:03	6:06	6:09	6:12	6:15	6:18	6:21	6:24	6:27	6:30	6:33	6:01	6:04	6:07	6:10	6:13	6:16	6:19	6:22	6:25	6:28	6:31	6:34	6:37
6:06	6:09	6:12	6:15	6:18	6:21	6:24	6:27	6:30	6:33	6:36	6:39	6:42	6:10	6:13	6:16	6:19	6:22	6:25	6:28	6:31	6:34	6:37	6:40	6:43	6:46
6:15	6:18	6:21	6:24	6:27	6:30	6:33	6:36	6:39	6:42	6:45	6:48	6:51	6:19	6:22	6:25	6:28	6:31	6:34	6:37	6:40	6:43	6:46	6:49	6:52	6:55
6:24	6:27	6:30	6:33	6:36	6:39	6:42	6:45	6:48	6:51	6:54	6:57	7:00	6:28	6:31	6:34	6:37	6:40	6:43	6:46	6:49	6:52	6:55	6:58	7:01	7:04
6:33	6:36	6:39	6:42	6:45	6:48	6:51	6:54	6:57	7:00	7:03	7:06	7:09	6:37	6:40	6:43	6:46	6:49	6:52	6:55	6:58	7:01	7:04	7:07	7:10	7:13
6:42	6:45	6:48	6:51	6:54	6:57	7:00	7:03	7:06	7:09	7:12	7:15	7:18	6:46	6:49	6:52	6:55	6:58	7:01	7:04	7:07	7:10	7:13	7:16	7:19	7:22
6:51	6:54	6:57	7:00	7:03	7:06	7:09	7:12	7:15	7:18	7:21	7:24	7:27	6:55	6:58	7:01	7:04	7:07	7:10	7:13	7:16	7:19	7:22	7:25	7:28	7:31
7:00	7:03	7:06	7:09	7:12	7:15	7:18	7:21	7:24	7:27	7:30	7:33	7:36	7:04	7:07	7:10	7:13	7:16	7:19	7:22	7:25	7:28	7:31	7:34	7:37	7:40
7:09	7:12	7:15	7:18	7:21	7:24	7:27	7:30	7:33	7:36	7:39	7:42	7:45	7:13	7:16	7:19	7:22	7:25	7:28	7:31	7:34	7:37	7:40	7:43	7:46	7:49
7:18	7:21	7:24	7:27	7:30	7:33	7:36	7:39	7:42	7:45	7:48	7:51	7:54	7:22	7:25	7:28	7:31	7:34	7:37	7:40	7:43	7:46	7:49	7:52	7:55	7:58
7:27	7:30	7:33	7:36	7:39	7:42	7:45	7:48	7:51	7:54	7:57	8:00	8:03	7:31	7:34	7:37	7:40	7:43	7:46	7:49	7:52	7:55	7:58	8:01	8:04	8:07
7:36	7:39	7:42	7:45	7:48	7:51	7:54	7:57	8:00	8:03	8:06	8:09	8:12	7:40	7:43	7:46	7:49	7:52	7:55	7:58	8:01	8:04	8:07	8:10	8:13	8:16
7:45	7:48	7:51	7:54	7:57	8:00	8:03	8:06	8:09	8:12	8:15	8:18	8:21	7:49	7:52	7:55	7:58	8:01	8:04	8:07	8:10	8:13	8:16	8:19	8:22	8:25
RED LINE - SOUTH HILLS VILLAGE VIA BEECHVIEW
SUNDAY AND HOLIDAY SERVICE
To Downtown Pittsburgh - North Shore	To Beechview - Castle Shannon - South Hills Village
Upper Saint Clair South Hills Village	Bethel Park	Castle Shannon	Mt Lebanon	Dormont Junction	Beechview	South Hills Junction	Station Square	Steel Plaza	Wood Street	Gateway	North Side	Allegheny	Allegheny	North Side	Gateway	Wood Street	Steel Plaza	Station Square	South Hills Junction	Beechview	Dormont Junction	Mt Lebanon	Castle Shannon	Bethel Park	South Hills Village
6:40	6:43	6:46	6:49	6:52	6:55	6:58	7:01	7:04	7:07	7:10	7:13	7:16	6:44	6:47	6:50	6:53	6:56	6:59	7:02	7:05	7:08	7:11	7:14	7:17	7:20
6:49	6:52	6:55	6:58	7:01	7:04	7:07	7:10	7:13	7:16	7:19	7:22	7:25	6:53	6:56	6:59	7:02	7:05	7:08	7:11	7:14	7:17	7:20	7:23	7:26	7:29
6:58	7:01	7:04	7:07	7:10	7:13	7:16	7:19	7:22	7:25	7:28	7:31	7:34	7:02	7:05	7:08	7:11	7:14	7:17	7:20	7:23	7:26	7:29	7:32	7:35	7:38
7:07	7:10	7:13	7:16	7:19	7:22	7:25	7:28	7:31	7:34	7:37	7:40	7:43	7:11	7:14	7:17	7:20	7:23	7:26	7:29	7:32	7:35	7:38	7:41	7:44	7:47
7:16	7:19	7:22	7:25	7:28	7:31	7:34	7:37	7:40	7:43	7:46	7:49	7:52	7:20	7:23	7:26	7:29	7:32	7:35	7:38	7:41	7:44	7:47	7:50	7:53	7:56
7:25	7:28	7:31	7:34	7:37	7:40	7:43	7:46	7:49	7:52	7:55	7:58	8:01	7:29	7:32	7:35	7:38	7:41	7:44	7:47	7:50	7:53	7:56	7:59	8:02	8:05
7:34	7:37	7:40	7:43	7:46	7:49	7:52	7:55	7:58	8:01	8:04	8:07	8:10	7:38	7:41	7:44	7:47	7:50	7:53	7:56	7:59	8:02	8:05	8:08	8:11	8:14
7:43	7:46	7:49	7:52	7:55	7:58	8:01	8:04	8:07	8:10	8:13	8:16	8:19	7:47	7:50	7:53	7:56	7:59	8:02	8:05	8:08	8:11	8:14	8:17	8:20	8:23
7:52	7:55	7:58	8:01	8:04	8:07	8:10	8:13	8:16	8:19	8:22	8:25	8:28	7:56	7:59	8:02	8:05	8:08	8:11	8:14	8:17	8:20	8:23	8:26	8:29	8:32
8:01	8:04	8:07	8:10	8:13	8:16	8:19	8:22	8:25	8:28	8:31	8:34	8:37	8:05	8:08	8:11	8:14	8:17	8:20	8:23	8:26	8:29	8:32	8:35	8:38	8:41
8:10	8:13	8:16	8:19	8:22	8:25	8:28	8:31	8:34	8:37	8:40	8:43	8:46	8:14	8:17	8:20	8:23	8:26	8:29	8:32	8:35	8:38	8:41	8:44	8:47	8:50
8:19	8:22	8:25	8:28	8:31	8:34	8:37	8:40	8:43	8:46	8:49	8:52	8:55	8:23	8:26	8:29	8:32	8:35	8:38	8:41	8:44	8:47	8:50	8:53	8:56	8:59
8:28	8:31	8:34	8:37	8:40	8:43	8:46	8:49	8:52	8:55	8:58	9:01	9:04	8:32	8:35	8:38	8:41	8:44	8:47	8:50	8:53	8:56	8:59	9:02	9:05	9:08
8:37	8:40	8:43	8:46	8:49	8:52	8:55	8:58	9:01	9:04	9:07	9:10	9:13	8:41	8:44	8:47	8:50	8:53	8:56	8:59	9:02	9:05	9:08	9:11	9:14	9:17
8:46	8:49	8:52	8:55	8:58	9:01	9:04	9:07	9:10	9:13	9:16	9:19	9:22	8:50	8:53	8:56	8:59	9:02	9:05	9:08	9:11	9:14	9:17	9:20	9:23	9:26
8:55	8:58	9:01	9:04	9:07	9:10	9:13	9:16	9:19	9:22	9:25	9:28	9:31	8:59	9:02	9:05	9:08	9:11	9:14	9:17	9:20	9:23	9:26	9:29	9:32	9:35
9:04	9:07	9:10	9:13	9:16	9:19	9:22	9:25	9:28	9:31	9:34	9:37	9:40	9:08	9:11	9:14	9:17	9:20	9:23	9:26	9:29	9:32	9:35	9:38	9:41	9:44
9:13	9:16	9:19	9:22	9:25	9:28	9:31	9:34	9:37	9:40	9:43	9:46	9:49	9:17	9:20	9:23	9:26	9:29	9:32	9:35	9:38	9:41	9:44	9:47	9:50	9:53
9:22	9:25	9:28	9:31	9:34	9:37	9:40	9:43	9:46	9:49	9:52	9:55	9:58	9:26	9:29	9:32	9:35	9:38	9:41	9:44	9:47	9:50	9:53	9:56	9:59 10:02
9:31	9:34	9:37	9:40	9:43	9:46	9:49	9:52	9:55	9:58 10:01 10:04 10:07 9:35	9:38	9:41	9:44	9:47	9:50	9:53	9:56	9:59 10:02 10:05 10:08 10:11
9:40	9:43	9:46	9:49	9:52	9:55	9:58 10:01 10:04 10:07 10:10 10:13 10:16 9:44	9:47	9:50	9:53	9:56	9:59 10:02 10:05 10:08 10:11 10:14 10:17 10:20
9:49	9:52	9:55	9:58 10:01 10:04 10:07 10:10 10:13 10:16 10:19 10:22 10:25 9:53	9:56	9:59 10:02 10:05 10:08 10:11 10:14 10:17 10:20 10:23 10:26 10:29
9:58 10:01 10:04 10:07 10:10 10:13 10:16 10:19 10:22 10:25 10:28 10:31 10:34 10:02 10:05 10:08 10:11 10:14 10:17 10:20 10:23 10:26 10:29 10:32 10:35 10:38
10:07 10:10 10:13 10:16 10:19 10:22 10:25 10:28 10:31 10:34 10:37 10:40 10:43 10:11 10:14 10:17 10:20 10:23 10:26 10:29 10:32 10:35 10:38 10:41 10:44 10:47
10:16 10:19 10:22 10:25 10:28 10:31 10:34 10:37 10:40 10:43 10:46 10:49 10:52 10:20 10:23 10:26 10:29 10:32 10:35 10:38 10:41 10:44 10:47 10:50 10:53 10:56
10:25 10:28 10:31 10:34 10:37 10:40 10:43 10:46 10:49 10:52 10:55 10:58 11:01 10:29 10:32 10:35 10:38 10:41 10:44 10:47 10:50 10:53 10:56 10:59 11:02 11:05
10:34 10:37 10:40 10:43 10:46 10:49 10:52 10:55 10:58 11:01 11:04 11:07 11:10 10:38 10:41 10:44 10:47 10:50 10:53 10:56 10:59 11:02 11:05 11:08 11:11 11:14
10:43 10:46 10:49 10:52 10:55 10:58 11:01 11:04 11:07 11:10 11:13 11:16 11:19 10:47 10:50 10:53 10:56 10:59 11:02 11:05 11:08 11:11 11:14 11:17 11:20 11:23
10:52 10:55 10:58 11:01 11:04 11:07 11:10 11:13 11:16 11:19 11:22 11:25 11:28 10:56 10:59 11:02 11:05 11:08 11:11 11:14 11:17 11:20 11:23 11:26 11:29 11:32
11:01 11:04 11:07 11:10 11:13 11:16 11:19 11:22 11:25 11:28 11:31 11:34 11:37 11:05 11:08 11:11 11:14 11:17 11:20 11:23 11:26 11:29 11:32 11:35 11:38 11:41
11:10 11:13 11:16 11:19 11:22 11:25 11:28 11:31 11:34 11:37 11:40 11:43 11:46 11:14 11:17 11:20 11:23 11:26 11:29 11:32 11:35 11:38 11:41 11:44 11:47 11:50
11:19 11:22 11:25 11:28 11:31 11:34 11:37 11:40 11:43 11:46 11:49 11:52 11:55 11:23 11:26 11:29 11:32 11:35 11:38 11:41 11:44 11:47 11:50 11:53 11:56 11:59
11:28 11:31 11:34 11:37 11:40 11:43 11:46 11:49 11:52 11:55 11:58 12:01 12:04 11:32 11:35 11:38 11:41 11:44 11:47 11:50 11:53 11:56 11:59 12:02 12:05 12:08
11:37 11:40 11:43 11:46 11:49 11:52 11:55 11:58 12:01 12:04 12:07 12:10 12:13 11:41 11:44 11:47 11:50 11:53 11:56 11:59 12:02 12:05 12:08 12:11 12:14 12:17
11:46 11:49 11:52 11:55 11:58 12:01 12:04 12:07 12:10 12:13 12:16 12:19 12:22 11:50 11:53 11:56 11:59 12:02 12:05 12:08 12:11 12:14 12:17 12:20 12:23 12:26
11:55 11:58 12:01 12:04 12:07 12:10 12:13 12:16 12:19 12:22 12:25 12:28 12:31 11:59 12:02 12:05 12:08 12:11 12:14 12:17 12:20 12:23 12:26 12:29 12:32 12:35
12:04 12:07 12:10 12:13 12:16 12:19 12:22 12:25 12:28 12:31 12:34 12:37 12:40 12:08 12:11 12:14 12:17 12:20 12:23 12:26 12:29 12:32 12:35 12:38 12:41 12:44
12:13 12:16 12:19 12:22 12:25 12:28 12:31 12:34 12:37 12:40 12:43 12:46 12:49 12:17 12:20 12:23 12:26 12:29 12:32 12:35 12:38 12:41 12:44 12:47 12:50 12:53
12:22 12:25 12:28 12:31 12:34 12:37 12:40 12:43 12:46 12:49 12:52 12:55 12:58 12:26 12:29 12:32 12:35 12:38 12:41 12:44 12:47 12:50 12:53 12:56 12:59 1:02
12:31 12:34 12:37 12:40 12:43 12:46 12:49 12:52 12:55 12:58 1:01	1:04	1:07 12:35 12:38 12:41 12:44 12:47 12:50 12:53 12:56 12:59 1:02	1:05	1:08	1:11
12:40 12:43 12:46 12:49 12:52 12:55 12:58 1:01	1:04	1:07	1:10	1:13	1:16 12:44 12:47 12:50 12:53 12:56 12:59 1:02	1:05	1:08	1:11	1:14	1:17	1:20
12:49 12:52 12:55 12:58 1:01	1:04	1:07	1:10	1:13	1:16	1:19	1:22	1:25 12:53 12:56 12:59 1:02	1:05	1:08	1:11	1:14	1:17	1:20	1:23	1:26	1:29
12:58 1:01	1:04	1:07	1:10	1:13	1:16	1:19	1:22	1:25	1:28	1:31	1:34	1:02	1:05	1:08	1:11	1:14	1:17	1:20	1:23	1:26	1:29	1:32	1:35	1:38
1:07	1:10	1:13	1:16	1:19	1:22	1:25	1:28	1:31	1:34	1:37	1:40	1:43	1:11	1:14	1:17	1:20	1:23	1:26	1:29	1:32	1:35	1:38	1:41	1:44	1:47
1:16	1:19	1:22	1:25	1:28	1:31	1:34	1:37	1:40	1:43	1:46	1:49	1:52	1:20	1:23	1:26	1:29	1:32	1:35	1:38	1:41	1:44	1:47	1:50	1:53	1:56
1:25	1:28	1:31	1:34	1:37	1:40	1:43	1:46	1:49	1:52	1:55	1:58	2:01	1:29	1:32	1:35	1:38	1:41	1:44	1:47	1:50	1:53	1:56	1:59	2:02	2:05
1:34	1:37	1:40	1:43	1:46	1:49	1:52	1:55	1:58	2:01	2:04	2:07	2:10	1:38	1:41	1:44	1:47	1:50	1:53	1:56	1:59	2:02	2:05	2:08	2:11	2:14
1:43	1:46	1:49	1:52	1:55	1:58	2:01	2:04	2:07	2:10	2:13	2:16	2:19	1:47	1:50	1:53	1:56	1:59	2:02	2:05	2:08	2:11	2:14	2:17	2:20	2:23
1:52	1:55	1:58	2:01	2:04	2:07	2:10	2:13	2:16	2:19	2:22	2:25	2:28	1:56	1:59	2:02	2:05	2:08	2:11	2:14	2:17	2:20	2:23	2:26	2:29	2:32
2:01	2:04	2:07	2:10	2:13	2:16	2:19	2:22	2:25	2:28	2:31	2:34	2:37	2:05	2:08	2:11	2:14	2:17	2:20	2:23	2:26	2:29	2:32	2:35	2:38	2:41
2:10	2:13	2:16	2:19	2:22	2:25	2:28	2:31	2:34	2:37	2:40	2:43	2:46	2:14	2:17	2:20	2:23	2:26	2:29	2:32	2:35	2:38	2:41	2:44	2:47	2:50
2:19	2:22	2:25	2:28	2:31	2:34	2:37	2:40	2:43	2:46	2:49	2:52	2:55	2:23	2:26	2:29	2:32	2:35	2:38	2:41	2:44	2:47	2:50	2:53	2:56	2:59
2:28	2:31	2:34	2:37	2:40	2:43	2:46	2:49	2:52	2:55	2:58	3:01	3:04	2:32	2:35	2:38	2:41	2:44	2:47	2:50	2:53	2:56	2:59	3:02	3:05	3:08
2:37	2:40	2:43	2:46	2:49	2:52	2:55	2:58	3:01	3:04	3:07	3:10	3:13	2:41	2:44	2:47	2:50	2:53	2:56	2:59	3:02	3:05	3:08	3:11	3:14	3:17
2:46	2:49	2:52	2:55	2:58	3:01	3:04	3:07	3:10	3:13	3:16	3:19	3:22	2:50	2:53	2:56	2:59	3:02	3:05	3:08	3:11	3:14	3:17	3:20	3:23	3:26
2:55	2:58	3:01	3:04	3:07	3:10	3:13	3:16	3:19	3:22	3:25	3:28	3:31	2:59	3:02	3:05	3:08	3:11	3:14	3:17	3:20	3:23	3:26	3:29	3:32	3:35
3:04	3:07	3:10	3:13	3:16	3:19	3:22	3:25	3:28	3:31	3:34	3:37	3:40	3:08	3:11	3:14	3:17	3:20	3:23	3:26	3:29	3:32	3:35	3:38	3:41	3:44
3:13	3:16	3:19	3:22	3:25	3:28	3:31	3:34	3:37	3:40	3:43	3:46	3:49	3:17	3:20	3:23	3:26	3:29	3:32	3:35	3:38	3:41	3:44	3:47	3:50	3:53
3:22	3:25	3:28	3:31	3:34	3:37	3:40	3:43	3:46	3:49	3:52	3:55	3:58	3:26	3:29	3:32	3:35	3:38	3:41	3:44	3:47	3:50	3:53	3:56	3:59	4:02
3:31	3:34	3:37	3:40	3:43	3:46	3:49	3:52	3:55	3:58	4:01	4:04	4:07	3:35	3:38	3:41	3:44	3:47	3:50	3:53	3:56	3:59	4:02	4:05	4:08	4:11
3:40	3:43	3:46	3:49	3:52	3:55	3:58	4:01	4:04	4:07	4:10	4:13	4:16	3:44	3:47	3:50	3:53	3:56	3:59	4:02	4:05	4:08	4:11	4:14	4:17	4:20
3:49	3:52	3:55	3:58	4:01	4:04	4:07	4:10	4:13	4:16	4:19	4:22	4:25	3:53	3:56	3:59	4:02	4:05	4:08	4:11	4:14	4:17	4:20	4:23	4:26	4:29
3:58	4:01	4:04	4:07	4:10	4:13	4:16	4:19	4:22	4:25	4:28	4:31	4:34	4:02	4:05	4:08	4:11	4:14	4:17	4:20	4:23	4:26	4:29	4:32	4:35	4:38
4:07	4:10	4:13	4:16	4:19	4:22	4:25	4:28	4:31	4:34	4:37	4:40	4:43	4:11	4:14	4:17	4:20	4:23	4:26	4:29	4:32	4:35	4:38	4:41	4:44	4:47
4:16	4:19	4:22	4:25	4:28	4:31	4:34	4:37	4:40	4:43	4:46	4:49	4:52	4:20	4:23	4:26	4:29	4:32	4:35	4:38	4:41	4:44	4:47	4:50	4:53	4:56
4:25	4:28	4:31	4:34	4:37	4:40	4:43	4:46	4:49	4:52	4:55	4:58	5:01	4:29	4:32	4:35	4:38	4:41	4:44	4:47	4:50	4:53	4:56	4:59	5:02	5:05
4:34	4:37	4:40	4:43	4:46	4:49	4:52	4:55	4:58	5:01	5:04	5:07	5:10	4:38	4:41	4:44	4:47	4:50	4:53	4:56	4:59	5:02	5:05	5:08	5:11	5:14
4:43	4:46	4:49	4:52	4:55	4:58	5:01	5:04	5:07	5:10	5:13	5:16	5:19	4:47	4:50	4:53	4:56	4:59	5:02	5:05	5:08	5:11	5:14	5:17	5:20	5:23
4:52	4:55	4:58	5:01	5:04	5:07	5:10	5:13	5:16	5:19	5:22	5:25	5:28	4:56	4:59	5:02	5:05	5:08	5:11	5:14	5:17	5:20	5:23	5:26	5:29	5:32
5:01	5:04	5:07	5:10	5:13	5:16	5:19	5:22	5:25	5:28	5:31	5:34	5:37	5:05	5:08	5:11	5:14	5:17	5:20	5:23	5:26	5:29	5:32	5:35	5:38	5:41
5:10	5:13	5:16	5:19	5:22	5:25	5:28	5:31	5:34	5:37	5:40	5:43	5:46	5:14	5:17	5:20	5:23	5:26	5:29	5:32	5:35	5:38	5:41	5:44	5:47	5:50
5:19	5:22	5:25	5:28	5:31	5:34	5:37	5:40	5:43	5:46	5:49	5:52	5:55	5:23	5:26	5:29	5:32	5:35	5:38	5:41	5:44	5:47	5:50	5:53	5:56	5:59
5:28	5:31	5:34	5:37	5:40	5:43	5:46	5:49	5:52	5:55	5:58	6:01	6:04	5:32	5:35	5:38	5:41	5:44	5:47	5:50	5:53	5:56	5:59	6:02	6:05	6:08
5:37	5:40	5:43	5:46	5:49	5:52	5:55	5:58	6:01	6:04	6:07	6:10	6:13	5:41	5:44	5:47	5:50	5:53	5:56	5:59	6:02	6:05	6:08	6:11	6:14	6:17
5:46	5:49	5:52	5:55	5:58	6:01	6:04	6:07	6:10	6:13	6:16	6:19	6:22	5:50	5:53	5:56	5:59	6:02	6:05	6:08	6:11	6:14	6:17	6:20	6:23	6:26
5:55	5:58	6:01	6:04	6:07	6:10	6:13	6:16	6:19	6:22	6:25	6:28	6:31	5:59	6:02	6:05	6:08	6:11	6:14	6:17	6:20	6:23	6:26	6:29	6:32	6:35
6:04	6:07	6:10	6:13	6:16	6:19	6:22	6:25	6:28	6:31	6:34	6:37	6:40	6:08	6:11	6:14	6:17	6:20	6:23	6:26	6:29	6:32	6:35	6:38	6:41	6:44
6:13	6:16	6:19	6:22	6:25	6:28	6:31	6:34	6:37	6:40	6:43	6:46	6:49	6:17	6:20	6:23	6:26	6:29	6:32	6:35	6:38	6:41	6:44	6:47	6:50	6:53
6:22	6:25	6:28	6:31	6:34	6:37	6:40	6:43	6:46	6:49	6:52	6:55	6:58	6:26	6:29	6:32	6:35	6:38	6:41	6:44	6:47	6:50	6:53	6:56	6:59	7:02
6:31	6:34	6:37	6:40	6:43	6:46	6:49	6:52	6:55	6:58	7:01	7:04	7:07	6:35	6:38	6:41	6:44	6:47	6:50	6:53	6:56	6:59	7:02	7:05	7:08	7:11
6:40	6:43	6:46	6:49	6:52	6:55	6:58	7:01	7:04	7:07	7:10	7:13	7:16	6:44	6:47	6:50	6:53	6:56	6:59	7:02	7:05	7:08	7:11	7:14	7:17	7:20
6:49	6:52	6:55	6:58	7:01	7:04	7:07	7:10	7:13	7:16	7:19	7:22	7:25	6:53	6:56	6:59	7:02	7:05	7:08	7:11	7:14	7:17	7:20	7:23	7:26	7:29
6:58	7:01	7:04	7:07	7:10	7:13	7:16	7:19	7:22	7:25	7:28	7:31	7:34	7:02	7:05	7:08	7:11	7:14	7:17	7:20	7:23	7:26	7:29	7:32	7:35	7:38
7:07	7:10	7:13	7:16	7:19	7:22	7:25	7:28	7:31	7:34	7:37	7:40	7:43	7:11	7:14	7:17	7:20	7:23	7:26	7:29	7:32	7:35	7:38	7:41	7:44	7:47
7:16	7:19	7:22	7:25	7:28	7:31	7:34	7:37	7:40	7:43	7:46	7:49	7:52	7:20	7:23	7:26	7:29	7:32	7:35	7:38	7:41	7:44	7:47	7:50	7:53	7:56
7:25	7:28	7:31	7:34	7:37	7:40	7:43	7:46	7:49	7:52	7:55	7:58	8:01	7:29	7:32	7:35	7:38	7:41	7:44	7:47	7:50	7:53	7:56	7:59	8:02	8:05
7:34	7:37	7:40	7:43	7:46	7:49	7:52	7:55	7:58	8:01	8:04	8:07	8:10	7:38	7:41	7:44	7:47	7:50	7:53	7:56	7:59	8:02	8:05	8:08	8:11	8:14
7:43	7:46	7:49	7:52	7:55	7:58	8:01	8:04	8:07	8:10	8:13	8:16	8:19	7:47	7:50	7:53	7:56	7:59	8:02	8:05	8:08	8:11	8:14	8:17	8:20	8:23
7:52	7:55	7:58	8:01	8:04	8:07	8:10	8:13	8:16	8:19	8:22	8:25	8:28	7:56	7:59	8:02	8:05	8:08	8:11	8:14	8:17	8:20	8:23	8:26	8:29	8:32
8:01	8:04	8:07	8:10	8:13	8:16	8:19	8:22	8:25	8:28	8:31	8:34	8:37	8:05	8:08	8:11	8:14	8:17	8:20	8:23	8:26	8:29	8:32	8:35	8:38	8:41
8:10	8:13	8:16	8:19	8:22	8:25	8:28	8:31	8:34	8:37	8:40	8:43	8:46	8:14	8:17	8:20	8:23	8:26	8:29	8:32	8:35	8:38	8:41	8:44	8:47	8:50
8:19	8:22	8:25	8:28	8:31	8:34	8:37	8:40	8:43	8:46	8:49	8:52	8:55	8:23	8:26	8:29	8:32	8:35	8:38	8:41	8:44	8:47	8:50	8:53	8:56	8:59
8:28	8:31	8:34	8:37	8:40	8:43	8:46	8:49	8:52	8:55	8:58	9:01	9:04	8:32	8:35	8:38	8:41	8:44	8:47	8:50	8:53	8:56	8:59	9:02	9:05	9:08
ANNOUNCEMENTS
November 22, 2020 Service Changes:
Red Line - All trips extended to South Hills Village. The schedule is completely revised.
AIRPORT SERVICE
Let Port Authority take you to Pittsburgh International Airport. 28X AIRPORT FLYER operates seven days a week from approximately 3:25 a.m. to 12 Midnight and departs every 30 minutes from Oakland, Downtown and most West Busway stations.
Call 412.442.2000 or pick up a 28X timetable for complete schedule information.
SERVICE NOTES
Parking is available throughout the day at Port Authority's South Hills Village Garage.
$2.00	Single Day Parking
$22.00	Monthly Parking Pass
$119.50	GO Pass - Combine your Monthly transit pass with a monthly parking pass.
Two-Car Trains
Trains do not have an operator on the second car and the second car opens its doors only at selected high-level platforms. Riders wishing to board or exit at any street-level stop can use only the first car of the train. Only enter the second car if you are exiting at one of the following stations:
Allegheny
North Side
Gateway Center
Wood Street
Steel Plaza
First Avenue
Station Square
South Hills Junction
Memorial Hall
Washington Junction
South Hills Village
Lytle
Library
In case of emergency you may speak to the operator by touching the emergency strip or button and speaking into the speaker.
BLUE LINE
SILVER LINE
RED LINE
LIGHT RAIL
Fare Information
Beginning January 1, 2022, your fare will get you farther. Instead of $2.75 per trip with a ConnectCard, transfers have been eliminated and your fare will include FREE transfers for up to three hours.
Single trip cash fare	$2.75
NEW: 3-Hour Pass	$2.75
1-Day Pass	$7
7-Day Pass	$25
7-Day Reduced Fare Pass	$12.50
31-Day Pass	$97.50
31-Day Reduced Fare Pass	$48.75
5-Year Pass	$1,872.50
LIGHT RAIL FREE FARE ZONE
Ride for FREE anytime from First Avenue Station to Allegheny Station.
SPECIAL FARES
Children ages 6-11 pay half the full ConnectCard fare with a Kid's ConnectCard.
Children 5 and under ride FREE when accompanied by a fare-paying adult.
文 A
Translation?
¿Traducción?
Traduzione? अनुवाद
Customer Service 412.442.2000

412.442.2000
MONDAY THROUGH FRIDAY 6:00 AM - 7:00 PM
WEEKENDS AND HOLIDAYS 8:00 AM - 4:00 PM
EFFECTIVE 11/22/20	RED LINE
Red
Line
Castle
Shannon
Via Beechview
Allegheny Ave • North Shore • Downtown Station Square • Beechview • Dormont Mount Lebanon • Castle Shannon Bethel Park • Upper St. Clair
